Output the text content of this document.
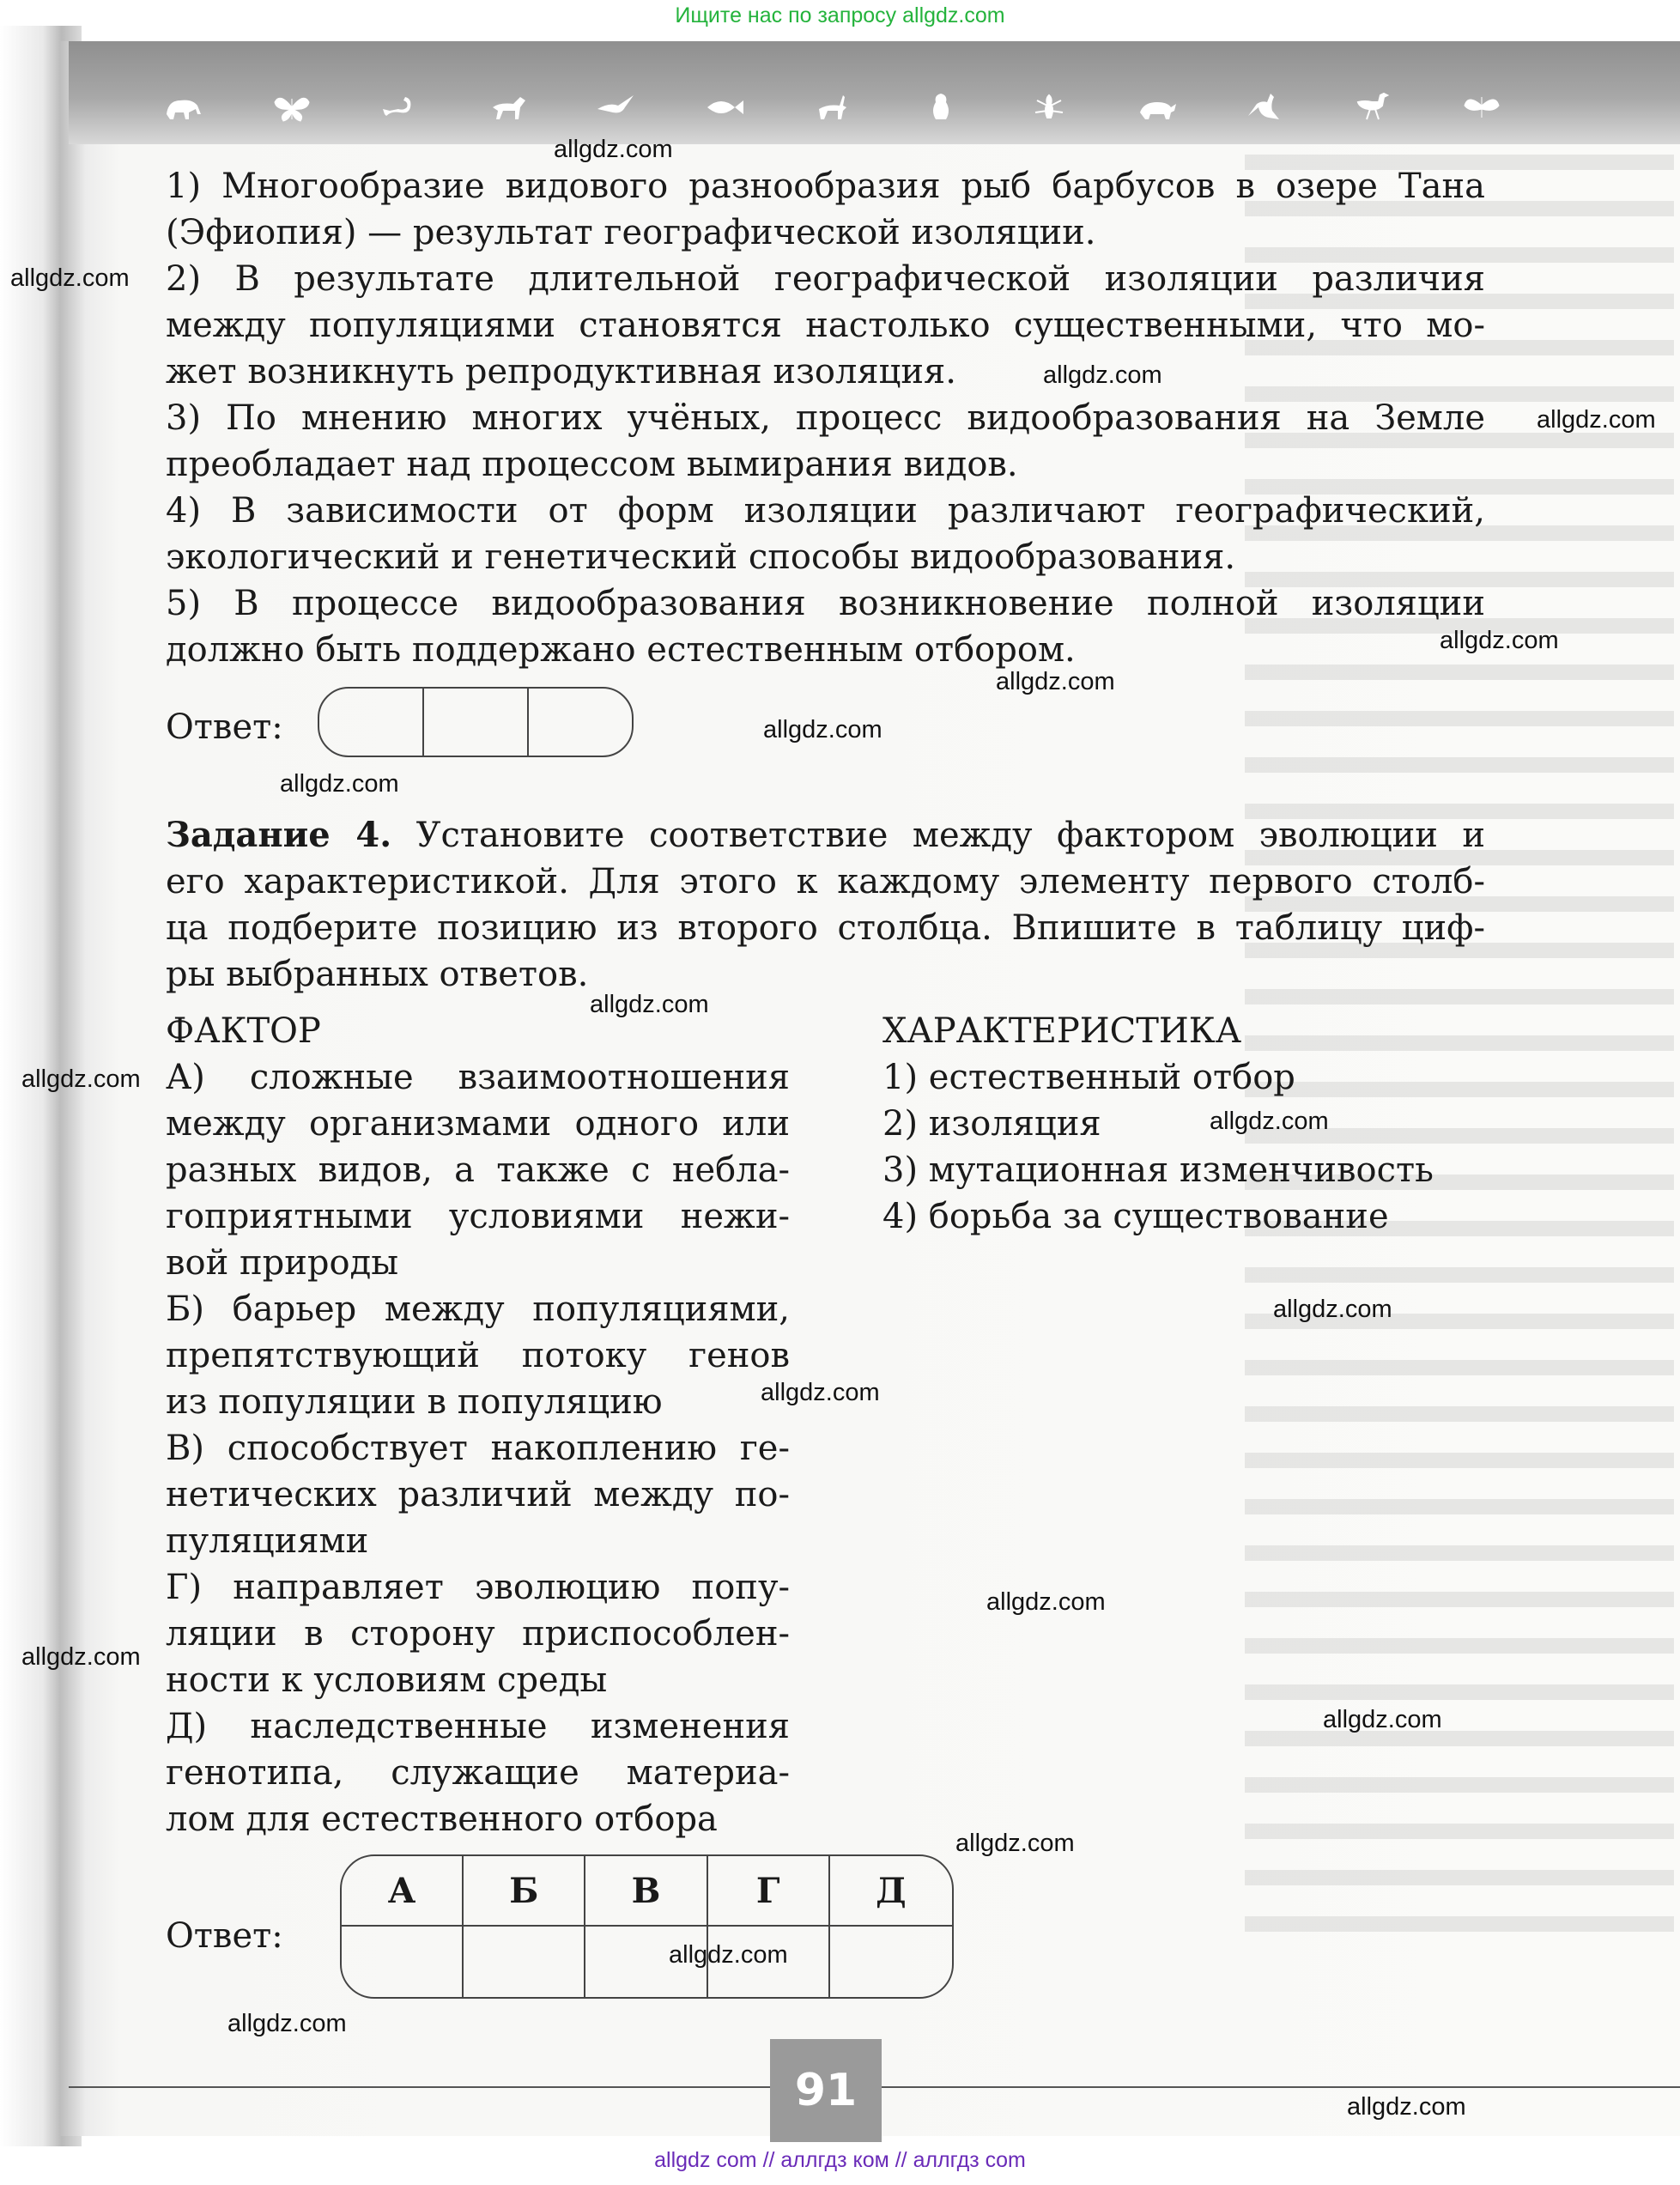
Ищите нас по запросу allgdz.com
1) Многообразие видового разнообразия рыб барбусов в озере Тана
(Эфиопия) — результат географической изоляции.
2) В результате длительной географической изоляции различия
между популяциями становятся настолько существенными, что мо-
жет возникнуть репродуктивная изоляция.
3) По мнению многих учёных, процесс видообразования на Земле
преобладает над процессом вымирания видов.
4) В зависимости от форм изоляции различают географический,
экологический и генетический способы видообразования.
5) В процессе видообразования возникновение полной изоляции
должно быть поддержано естественным отбором.
Ответ:
Задание 4. Установите соответствие между фактором эволюции и
его характеристикой. Для этого к каждому элементу первого столб-
ца подберите позицию из второго столбца. Впишите в таблицу циф-
ры выбранных ответов.
ФАКТОР	ХАРАКТЕРИСТИКА
А) сложные взаимоотношения
между организмами одного или
разных видов, а также с небла-
гоприятными условиями нежи-
вой природы
Б) барьер между популяциями,
препятствующий потоку генов
из популяции в популяцию
В) способствует накоплению ге-
нетических различий между по-
пуляциями
Г) направляет эволюцию попу-
ляции в сторону приспособлен-
ности к условиям среды
Д) наследственные изменения
генотипа, служащие материа-
лом для естественного отбора
1) естественный отбор
2) изоляция
3) мутационная изменчивость
4) борьба за существование
Ответ:
А	Б	В	Г	Д
91
allgdz.com
allgdz.com
allgdz.com
allgdz.com
allgdz.com
allgdz.com
allgdz.com
allgdz.com
allgdz.com
allgdz.com
allgdz.com
allgdz.com
allgdz.com
allgdz.com
allgdz.com
allgdz.com
allgdz.com
allgdz.com
allgdz.com
allgdz.com
allgdz com // аллгдз ком // аллгдз com
